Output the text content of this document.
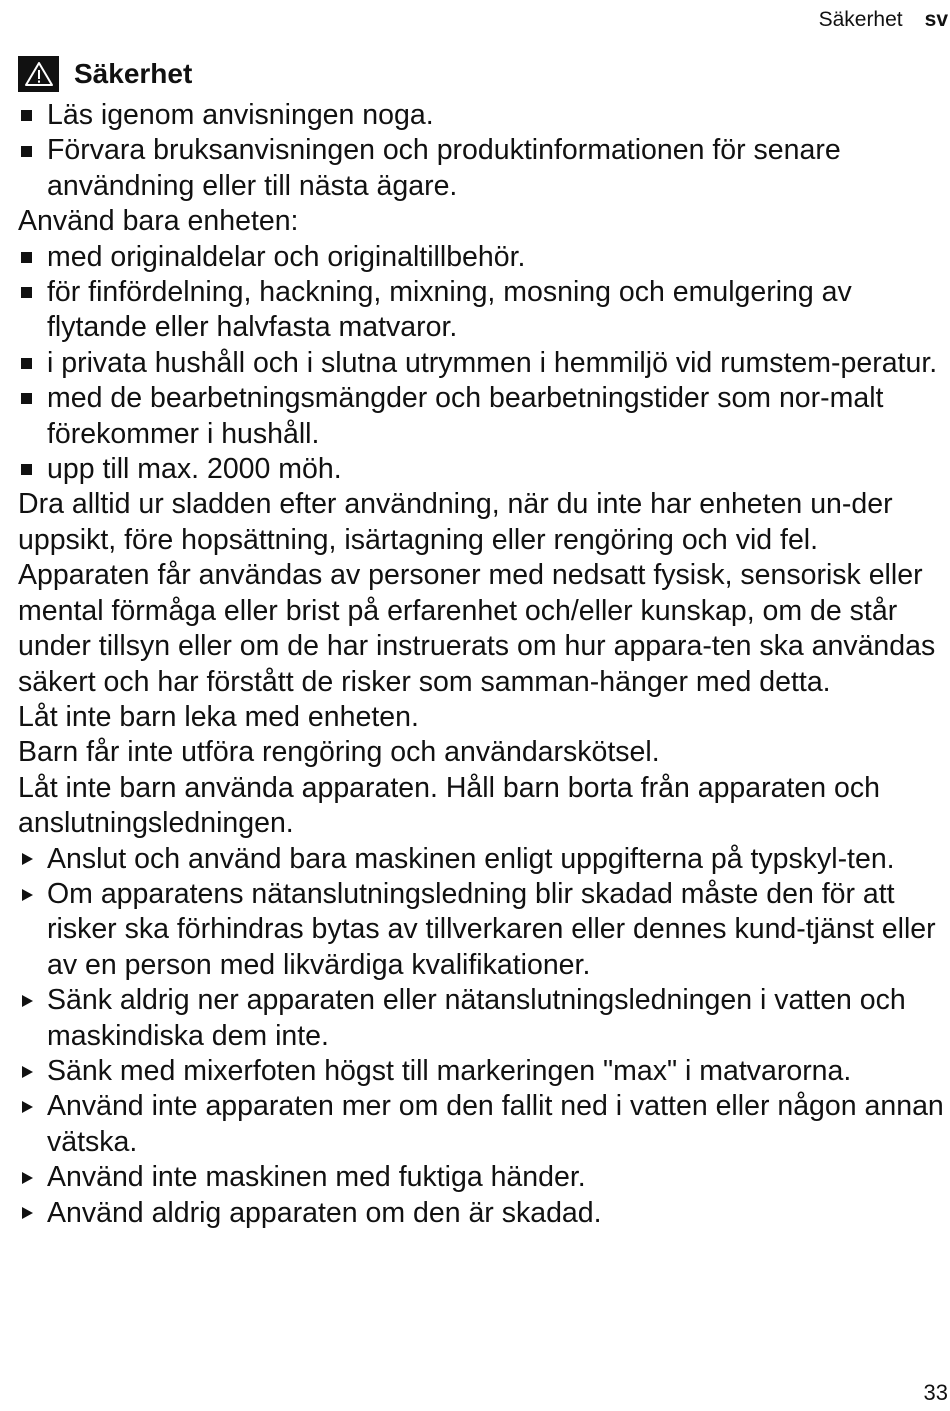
Säkerhet sv
Säkerhet
Läs igenom anvisningen noga.
Förvara bruksanvisningen och produktinformationen för senare användning eller till nästa ägare.

Använd bara enheten:

med originaldelar och originaltillbehör.
för finfördelning, hackning, mixning, mosning och emulgering av flytande eller halvfasta matvaror.
i privata hushåll och i slutna utrymmen i hemmiljö vid rumstem-peratur.
med de bearbetningsmängder och bearbetningstider som nor-malt förekommer i hushåll.
upp till max. 2000 möh.

Dra alltid ur sladden efter användning, när du inte har enheten un-der uppsikt, före hopsättning, isärtagning eller rengöring och vid fel.

Apparaten får användas av personer med nedsatt fysisk, sensorisk eller mental förmåga eller brist på erfarenhet och/eller kunskap, om de står under tillsyn eller om de har instruerats om hur appara-ten ska användas säkert och har förstått de risker som samman-hänger med detta.

Låt inte barn leka med enheten.

Barn får inte utföra rengöring och användarskötsel.

Låt inte barn använda apparaten. Håll barn borta från apparaten och anslutningsledningen.

Anslut och använd bara maskinen enligt uppgifterna på typskyl-ten.
Om apparatens nätanslutningsledning blir skadad måste den för att risker ska förhindras bytas av tillverkaren eller dennes kund-tjänst eller av en person med likvärdiga kvalifikationer.
Sänk aldrig ner apparaten eller nätanslutningsledningen i vatten och maskindiska dem inte.
Sänk med mixerfoten högst till markeringen "max" i matvarorna.
Använd inte apparaten mer om den fallit ned i vatten eller någon annan vätska.
Använd inte maskinen med fuktiga händer.
Använd aldrig apparaten om den är skadad.
33
